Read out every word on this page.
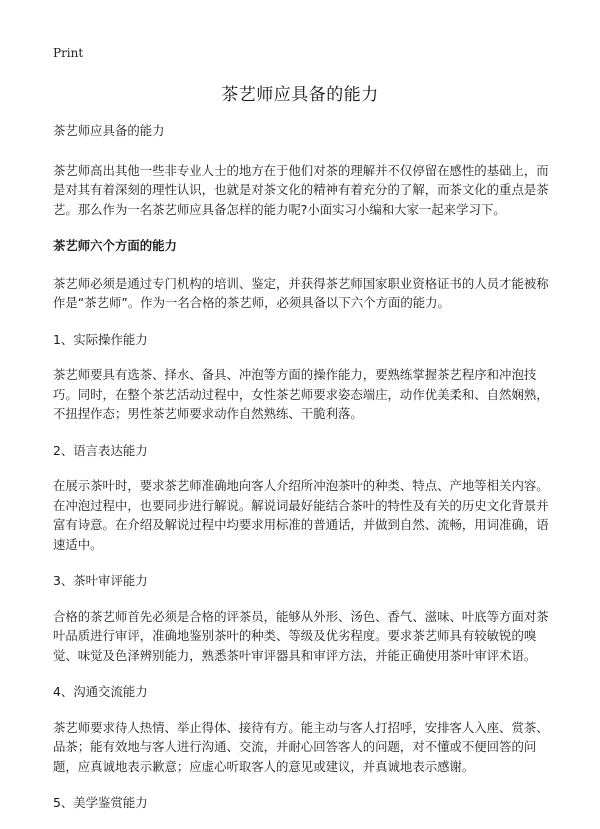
Print
茶艺师应具备的能力

茶艺师应具备的能力

茶艺师高出其他一些非专业人士的地方在于他们对茶的理解并不仅停留在感性的基础上，而是对其有着深刻的理性认识，也就是对茶文化的精神有着充分的了解，而茶文化的重点是茶艺。那么作为一名茶艺师应具备怎样的能力呢?小面实习小编和大家一起来学习下。

茶艺师六个方面的能力

茶艺师必须是通过专门机构的培训、鉴定，并获得茶艺师国家职业资格证书的人员才能被称作是“茶艺师”。作为一名合格的茶艺师，必须具备以下六个方面的能力。

1、实际操作能力

茶艺师要具有选茶、择水、备具、冲泡等方面的操作能力，要熟练掌握茶艺程序和冲泡技巧。同时，在整个茶艺活动过程中，女性茶艺师要求姿态端庄，动作优美柔和、自然娴熟，不扭捏作态；男性茶艺师要求动作自然熟练、干脆利落。

2、语言表达能力

在展示茶叶时，要求茶艺师准确地向客人介绍所冲泡茶叶的种类、特点、产地等相关内容。在冲泡过程中，也要同步进行解说。解说词最好能结合茶叶的特性及有关的历史文化背景并富有诗意。在介绍及解说过程中均要求用标准的普通话，并做到自然、流畅，用词准确，语速适中。

3、茶叶审评能力

合格的茶艺师首先必须是合格的评茶员，能够从外形、汤色、香气、滋味、叶底等方面对茶叶品质进行审评，准确地鉴别茶叶的种类、等级及优劣程度。要求茶艺师具有较敏锐的嗅觉、味觉及色泽辨别能力，熟悉茶叶审评器具和审评方法，并能正确使用茶叶审评术语。

4、沟通交流能力

茶艺师要求待人热情、举止得体、接待有方。能主动与客人打招呼，安排客人入座、赏茶、品茶；能有效地与客人进行沟通、交流，并耐心回答客人的问题，对不懂或不便回答的问题，应真诚地表示歉意；应虚心听取客人的意见或建议，并真诚地表示感谢。

5、美学鉴赏能力
